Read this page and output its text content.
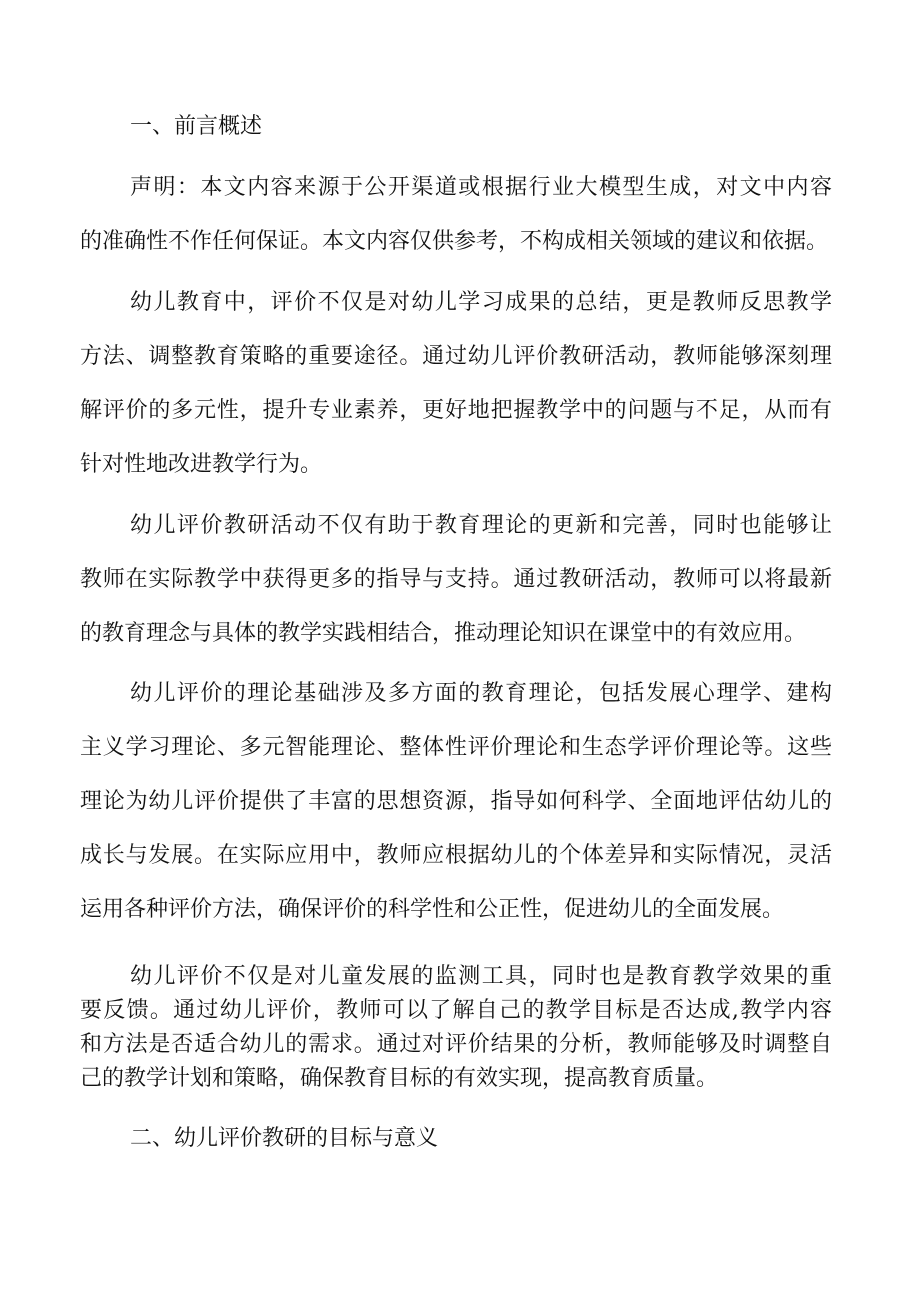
一、前言概述
声明：本文内容来源于公开渠道或根据行业大模型生成，对文中内容
的准确性不作任何保证。本文内容仅供参考，不构成相关领域的建议和依据。
幼儿教育中，评价不仅是对幼儿学习成果的总结，更是教师反思教学
方法、调整教育策略的重要途径。通过幼儿评价教研活动，教师能够深刻理
解评价的多元性，提升专业素养，更好地把握教学中的问题与不足，从而有
针对性地改进教学行为。
幼儿评价教研活动不仅有助于教育理论的更新和完善，同时也能够让
教师在实际教学中获得更多的指导与支持。通过教研活动，教师可以将最新
的教育理念与具体的教学实践相结合，推动理论知识在课堂中的有效应用。
幼儿评价的理论基础涉及多方面的教育理论，包括发展心理学、建构
主义学习理论、多元智能理论、整体性评价理论和生态学评价理论等。这些
理论为幼儿评价提供了丰富的思想资源，指导如何科学、全面地评估幼儿的
成长与发展。在实际应用中，教师应根据幼儿的个体差异和实际情况，灵活
运用各种评价方法，确保评价的科学性和公正性，促进幼儿的全面发展。
幼儿评价不仅是对儿童发展的监测工具，同时也是教育教学效果的重
要反馈。通过幼儿评价，教师可以了解自己的教学目标是否达成,教学内容
和方法是否适合幼儿的需求。通过对评价结果的分析，教师能够及时调整自
己的教学计划和策略，确保教育目标的有效实现，提高教育质量。
二、幼儿评价教研的目标与意义
